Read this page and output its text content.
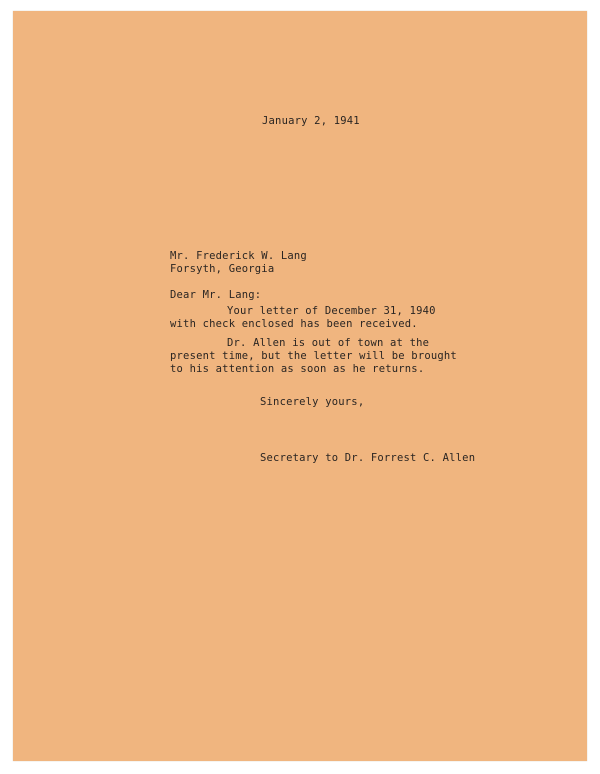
January 2, 1941
Mr. Frederick W. Lang
Forsyth, Georgia
Dear Mr. Lang:
Your letter of December 31, 1940
with check enclosed has been received.
Dr. Allen is out of town at the
present time, but the letter will be brought
to his attention as soon as he returns.
Sincerely yours,
Secretary to Dr. Forrest C. Allen
